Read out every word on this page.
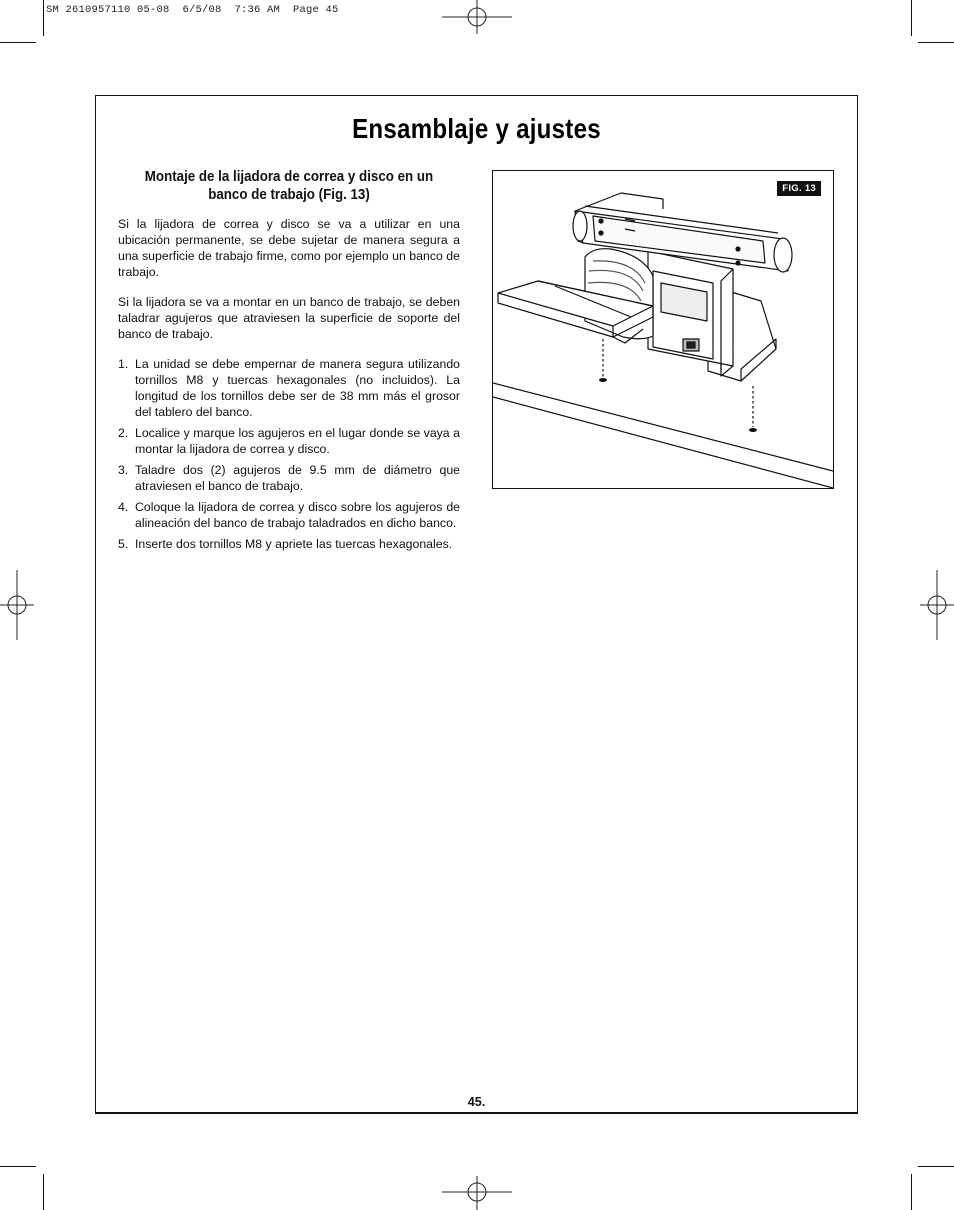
SM 2610957110 05-08  6/5/08  7:36 AM  Page 45
Ensamblaje y ajustes
Montaje de la lijadora de correa y disco en un
banco de trabajo (Fig. 13)

Si la lijadora de correa y disco se va a utilizar en una ubicación permanente, se debe sujetar de manera segura a una superficie de trabajo firme, como por ejemplo un banco de trabajo.

Si la lijadora se va a montar en un banco de trabajo, se deben taladrar agujeros que atraviesen la superficie de soporte del banco de trabajo.

1. La unidad se debe empernar de manera segura utilizando tornillos M8 y tuercas hexagonales (no incluidos). La longitud de los tornillos debe ser de 38 mm más el grosor del tablero del banco.
2. Localice y marque los agujeros en el lugar donde se vaya a montar la lijadora de correa y disco.
3. Taladre dos (2) agujeros de 9.5 mm de diámetro que atraviesen el banco de trabajo.
4. Coloque la lijadora de correa y disco sobre los agujeros de alineación del banco de trabajo taladrados en dicho banco.
5. Inserte dos tornillos M8 y apriete las tuercas hexagonales.
FIG. 13
45.
